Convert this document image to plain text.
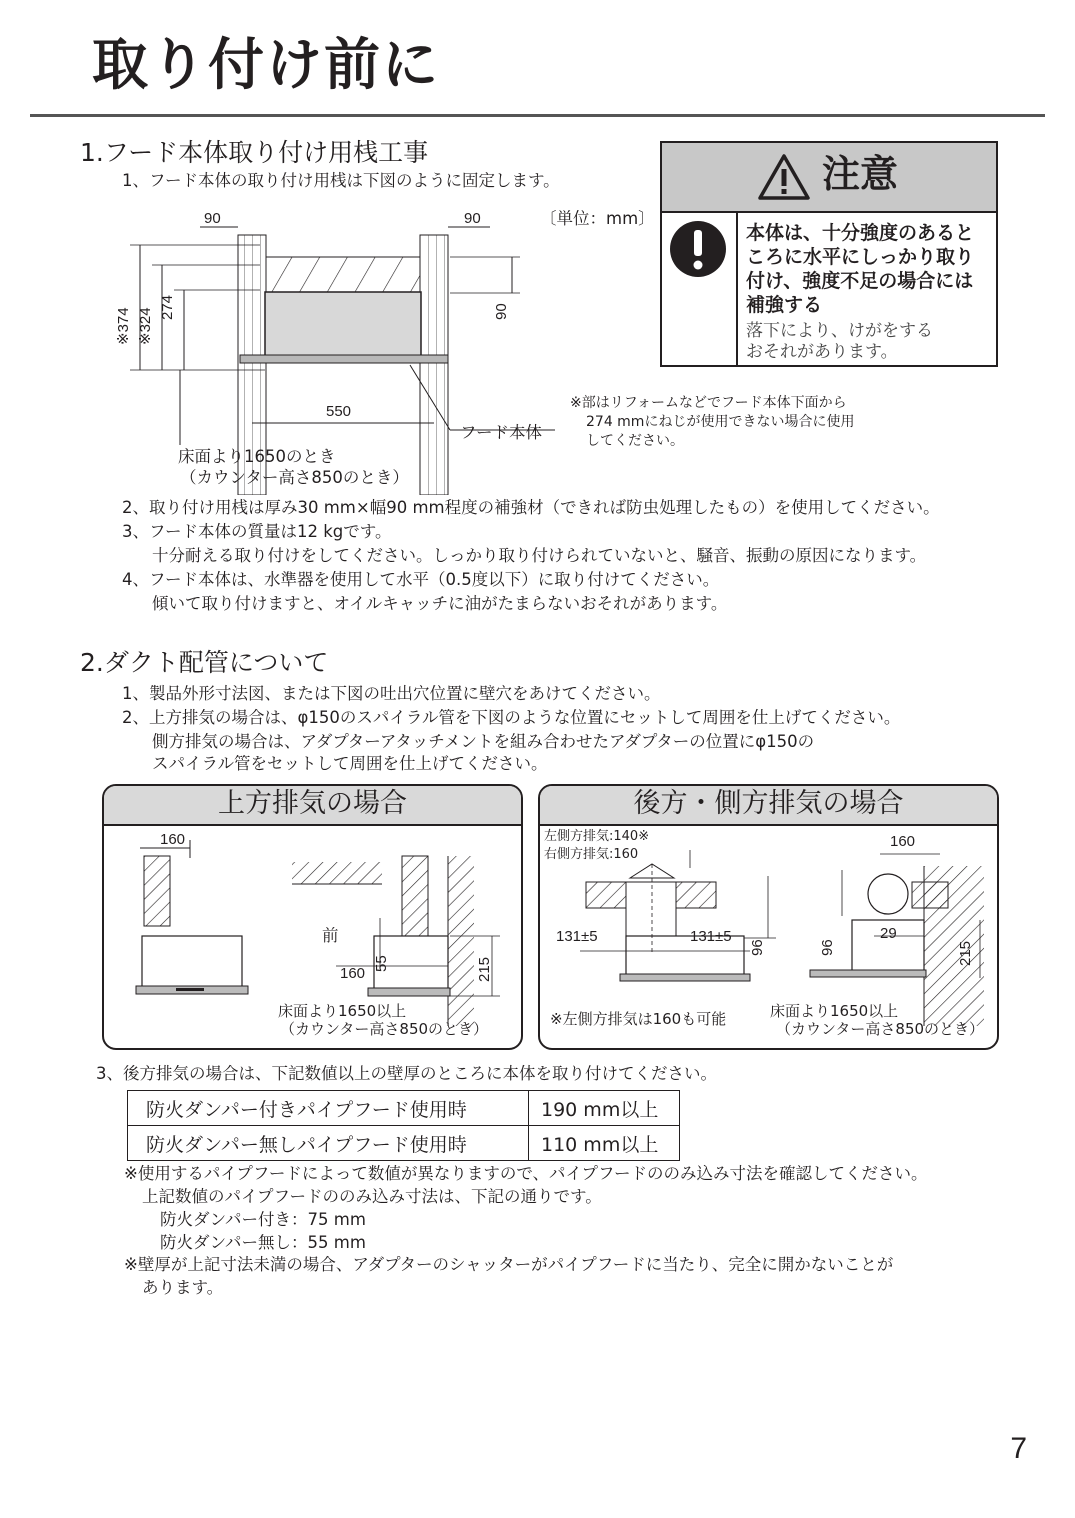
取り付け前に
1.フード本体取り付け用桟工事
1、フード本体の取り付け用桟は下図のように固定します。
〔単位：mm〕
90	90
※374 ※324 274	90
550
フード本体
床面より1650のとき
（カウンター高さ850のとき）
※部はリフォームなどでフード本体下面から
274 mmにねじが使用できない場合に使用
してください。
注意
本体は、十分強度のあると
ころに水平にしっかり取り
付け、強度不足の場合には
補強する
落下により、けがをする
おそれがあります。
2、取り付け用桟は厚み30 mm×幅90 mm程度の補強材（できれば防虫処理したもの）を使用してください。
3、フード本体の質量は12 kgです。
十分耐える取り付けをしてください。しっかり取り付けられていないと、騒音、振動の原因になります。
4、フード本体は、水準器を使用して水平（0.5度以下）に取り付けてください。
傾いて取り付けますと、オイルキャッチに油がたまらないおそれがあります。
2.ダクト配管について
1、製品外形寸法図、または下図の吐出穴位置に壁穴をあけてください。
2、上方排気の場合は、φ150のスパイラル管を下図のような位置にセットして周囲を仕上げてください。
側方排気の場合は、アダプターアタッチメントを組み合わせたアダプターの位置にφ150の
スパイラル管をセットして周囲を仕上げてください。
上方排気の場合
160
前
160
55	215
床面より1650以上
（カウンター高さ850のとき）
後方・側方排気の場合
左側方排気:140※
右側方排気:160
131±5	131±5
96
160
96
29
215
※左側方排気は160も可能	床面より1650以上
（カウンター高さ850のとき）
3、後方排気の場合は、下記数値以上の壁厚のところに本体を取り付けてください。
防火ダンパー付きパイプフード使用時	190 mm以上
防火ダンパー無しパイプフード使用時	110 mm以上
※使用するパイプフードによって数値が異なりますので、パイプフードののみ込み寸法を確認してください。
上記数値のパイプフードののみ込み寸法は、下記の通りです。
防火ダンパー付き：75 mm
防火ダンパー無し：55 mm
※壁厚が上記寸法未満の場合、アダプターのシャッターがパイプフードに当たり、完全に開かないことが
あります。
7
